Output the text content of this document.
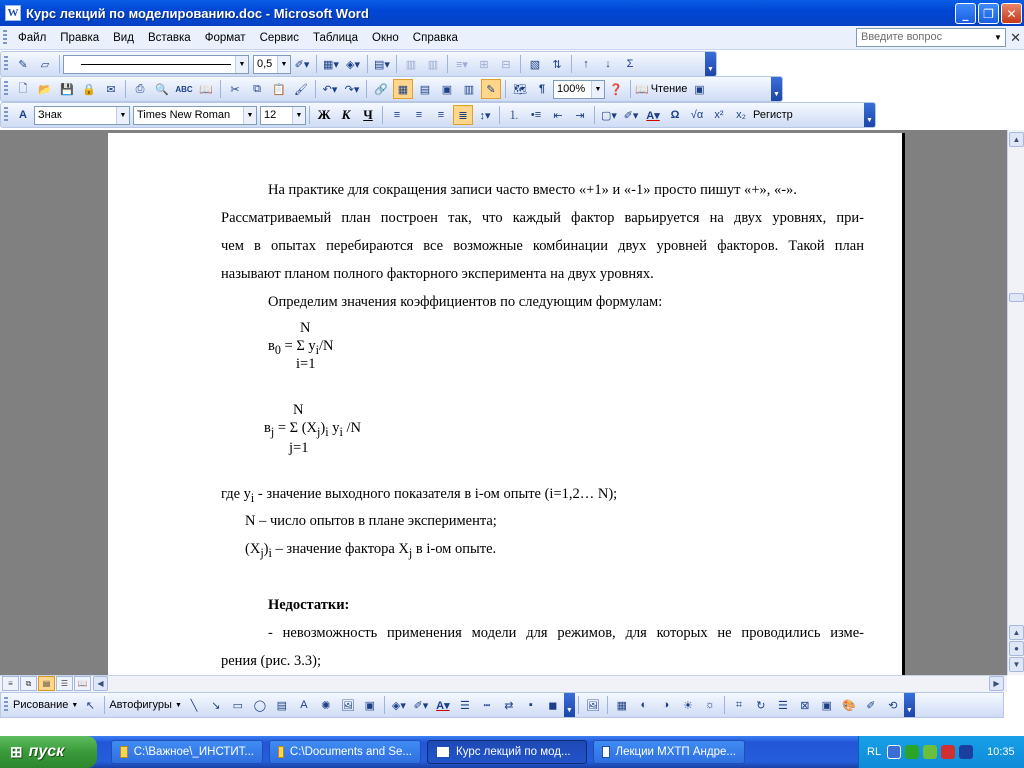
W Курс лекций по моделированию.doc - Microsoft Word	_	❐	✕
Файл	Правка	Вид	Вставка	Формат	Сервис	Таблица	Окно	Справка	Введите вопрос	▼ ✕
✎	▱	▼ 0,5	▼ ✐▾ ▦▾ ◈▾ ▤▾	▥	▥	≡▾	⊞	⊟	▧	⇅	↑	↓	Σ	▼
🗋 📂 💾 🔒 ✉	⎙ 🔍 ABC 📖	✂	⧉	📋 🖌 ↶▾ ↷▾ 🔗 ▦	▤	▣	▥	✎	🗺	¶	100%	▼ ❓ 📖 Чтение ▣	▼
A	Знак	▼ Times New Roman	▼ 12	▼ Ж К Ч	≡	≡	≡	≣	↕▾	⒈	•≡	⇤	⇥	▢▾ ✐▾ A▾ Ω	√α	x²	x₂ Регистр	▼
На практике для сокращения записи часто вместо «+1» и «-1» просто пишут «+», «-».
Рассматриваемый план построен так, что каждый фактор варьируется на двух уровнях, при-
чем в опытах перебираются все возможные комбинации двух уровней факторов. Такой план
называют планом полного факторного эксперимента на двух уровнях.
Определим значения коэффициентов по следующим формулам:
N
$в_0 = \Sigma$ $y_i/N$
i=1
N
$в_j = \Sigma$ $(X_j)_i$ $y_i$ /N
j=1
где $y_i$ - значение выходного показателя в i-ом опыте (i=1,2… N);
N – число опытов в плане эксперимента;
$(X_j)_i$ – значение фактора $X_j$ в i-ом опыте.
Недостатки:
- невозможность применения модели для режимов, для которых не проводились изме-
рения (рис. 3.3);
▲
▲
●
▼
◀	▶
≡	⧉	▤	☰	📖
Рисование ▼ ↖	Автофигуры ▼ ╲	↘	▭ ◯ ▤	A	✺ 🖼 ▣	◈▾ ✐▾ A▾ ☰	┅	⇄	▪	◼	▼ 🖼	▦	◐	◑	☀	☼	⌗	↻	☰	⊠	▣ 🎨 ✐	⟲	▼
⊞ пуск	C:\Важное\_ИНСТИТ...	C:\Documents and Se...	Курс лекций по мод...	Лекции МХТП Андре...	RL	10:35
